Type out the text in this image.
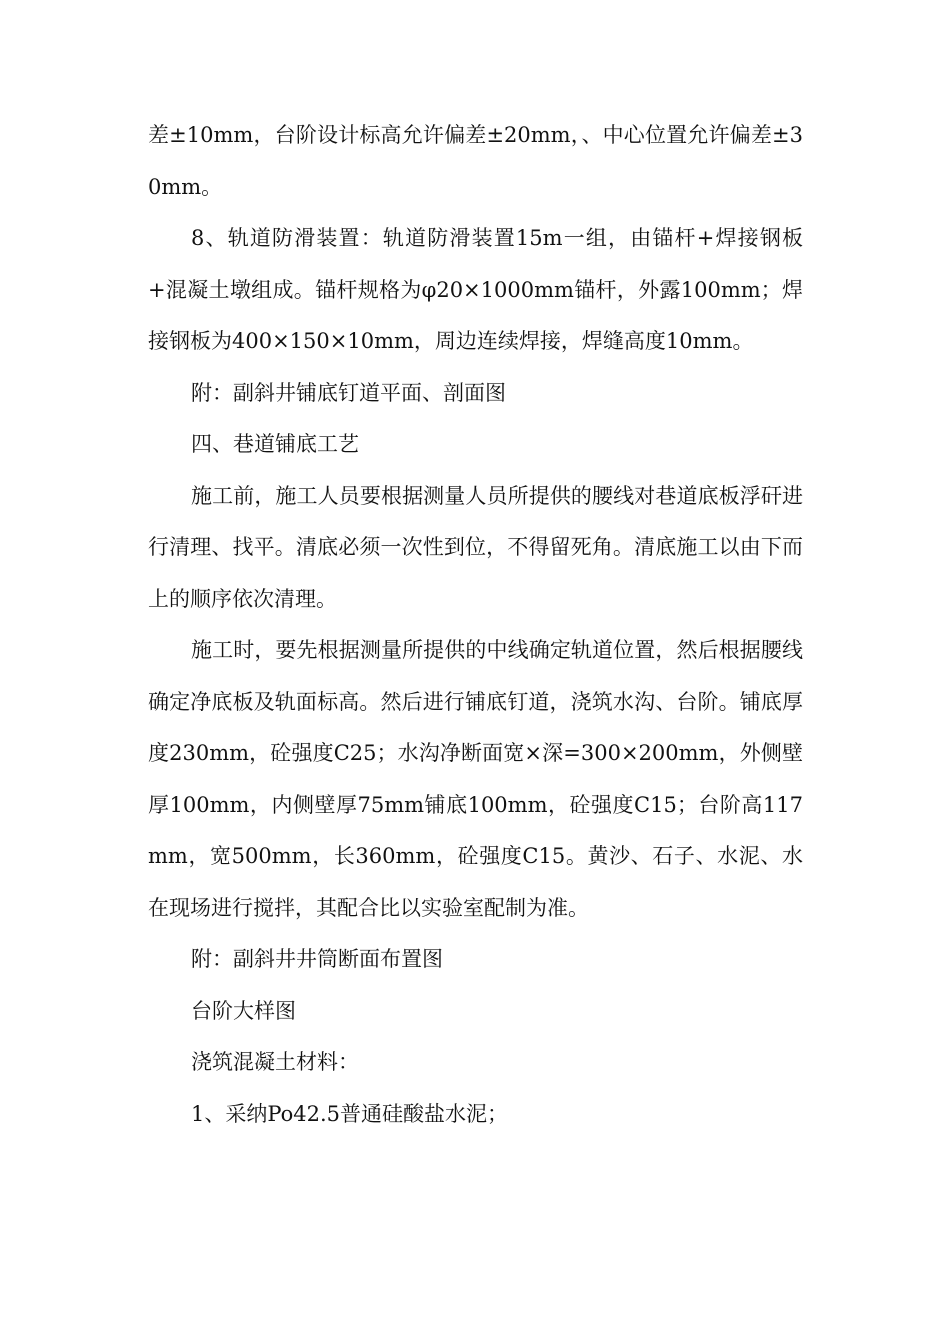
差±10mm，台阶设计标高允许偏差±20mm，、中心位置允许偏差±30mm。

8、轨道防滑装置：轨道防滑装置15m一组，由锚杆+焊接钢板+混凝土墩组成。锚杆规格为φ20×1000mm锚杆，外露100mm；焊接钢板为400×150×10mm，周边连续焊接，焊缝高度10mm。

附：副斜井铺底钉道平面、剖面图

四、巷道铺底工艺

施工前，施工人员要根据测量人员所提供的腰线对巷道底板浮矸进行清理、找平。清底必须一次性到位，不得留死角。清底施工以由下而上的顺序依次清理。

施工时，要先根据测量所提供的中线确定轨道位置，然后根据腰线确定净底板及轨面标高。然后进行铺底钉道，浇筑水沟、台阶。铺底厚度230mm，砼强度C25；水沟净断面宽×深=300×200mm，外侧壁厚100mm，内侧壁厚75mm铺底100mm，砼强度C15；台阶高117mm，宽500mm，长360mm，砼强度C15。黄沙、石子、水泥、水在现场进行搅拌，其配合比以实验室配制为准。

附：副斜井井筒断面布置图

台阶大样图

浇筑混凝土材料：

1、采纳Po42.5普通硅酸盐水泥；
